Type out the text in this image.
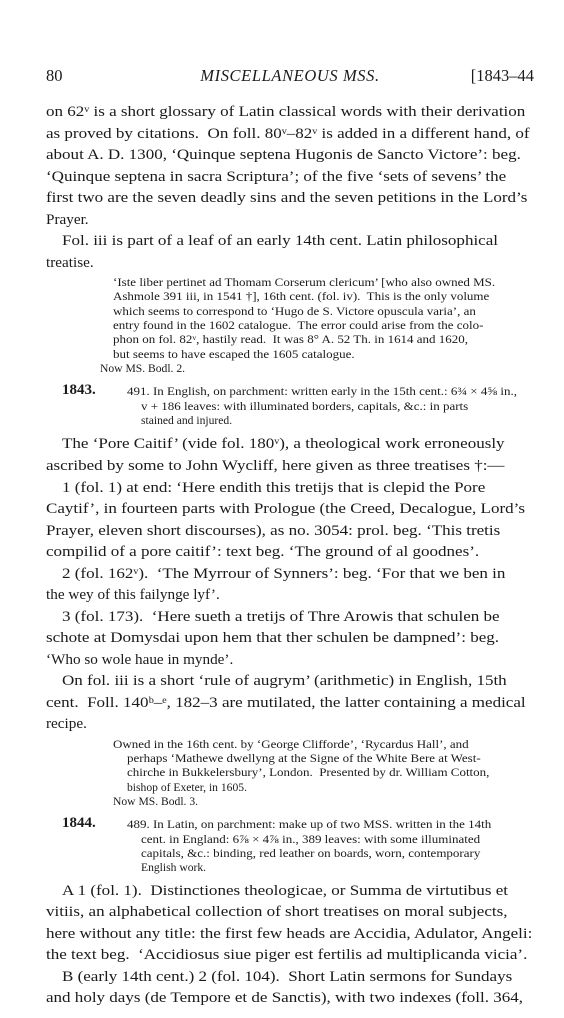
80	MISCELLANEOUS MSS.	[1843–44
on 62ᵛ is a short glossary of Latin classical words with their derivation
as proved by citations.  On foll. 80ᵛ–82ᵛ is added in a different hand, of
about A. D. 1300, ‘Quinque septena Hugonis de Sancto Victore’: beg.
‘Quinque septena in sacra Scriptura’; of the five ‘sets of sevens’ the
first two are the seven deadly sins and the seven petitions in the Lord’s
Prayer.
Fol. iii is part of a leaf of an early 14th cent. Latin philosophical
treatise.
‘Iste liber pertinet ad Thomam Corserum clericum’ [who also owned MS.
Ashmole 391 iii, in 1541 †], 16th cent. (fol. iv).  This is the only volume
which seems to correspond to ‘Hugo de S. Victore opuscula varia’, an
entry found in the 1602 catalogue.  The error could arise from the colo-
phon on fol. 82ᵛ, hastily read.  It was 8° A. 52 Th. in 1614 and 1620,
but seems to have escaped the 1605 catalogue.
Now MS. Bodl. 2.
1843.	491. In English, on parchment: written early in the 15th cent.: 6¾ × 4⅝ in.,
v + 186 leaves: with illuminated borders, capitals, &c.: in parts
stained and injured.
The ‘Pore Caitif’ (vide fol. 180ᵛ), a theological work erroneously
ascribed by some to John Wycliff, here given as three treatises †:—
1 (fol. 1) at end: ‘Here endith this tretijs that is clepid the Pore
Caytif’, in fourteen parts with Prologue (the Creed, Decalogue, Lord’s
Prayer, eleven short discourses), as no. 3054: prol. beg. ‘This tretis
compilid of a pore caitif’: text beg. ‘The ground of al goodnes’.
2 (fol. 162ᵛ).  ‘The Myrrour of Synners’: beg. ‘For that we ben in
the wey of this failynge lyf’.
3 (fol. 173).  ‘Here sueth a tretijs of Thre Arowis that schulen be
schote at Domysdai upon hem that ther schulen be dampned’: beg.
‘Who so wole haue in mynde’.
On fol. iii is a short ‘rule of augrym’ (arithmetic) in English, 15th
cent.  Foll. 140ᵇ–ᵉ, 182–3 are mutilated, the latter containing a medical
recipe.
Owned in the 16th cent. by ‘George Clifforde’, ‘Rycardus Hall’, and
perhaps ‘Mathewe dwellyng at the Signe of the White Bere at West-
chirche in Bukkelersbury’, London.  Presented by dr. William Cotton,
bishop of Exeter, in 1605.
Now MS. Bodl. 3.
1844.	489. In Latin, on parchment: make up of two MSS. written in the 14th
cent. in England: 6⅞ × 4⅞ in., 389 leaves: with some illuminated
capitals, &c.: binding, red leather on boards, worn, contemporary
English work.
A 1 (fol. 1).  Distinctiones theologicae, or Summa de virtutibus et
vitiis, an alphabetical collection of short treatises on moral subjects,
here without any title: the first few heads are Accidia, Adulator, Angeli:
the text beg.  ‘Accidiosus siue piger est fertilis ad multiplicanda vicia’.
B (early 14th cent.) 2 (fol. 104).  Short Latin sermons for Sundays
and holy days (de Tempore et de Sanctis), with two indexes (foll. 364,
